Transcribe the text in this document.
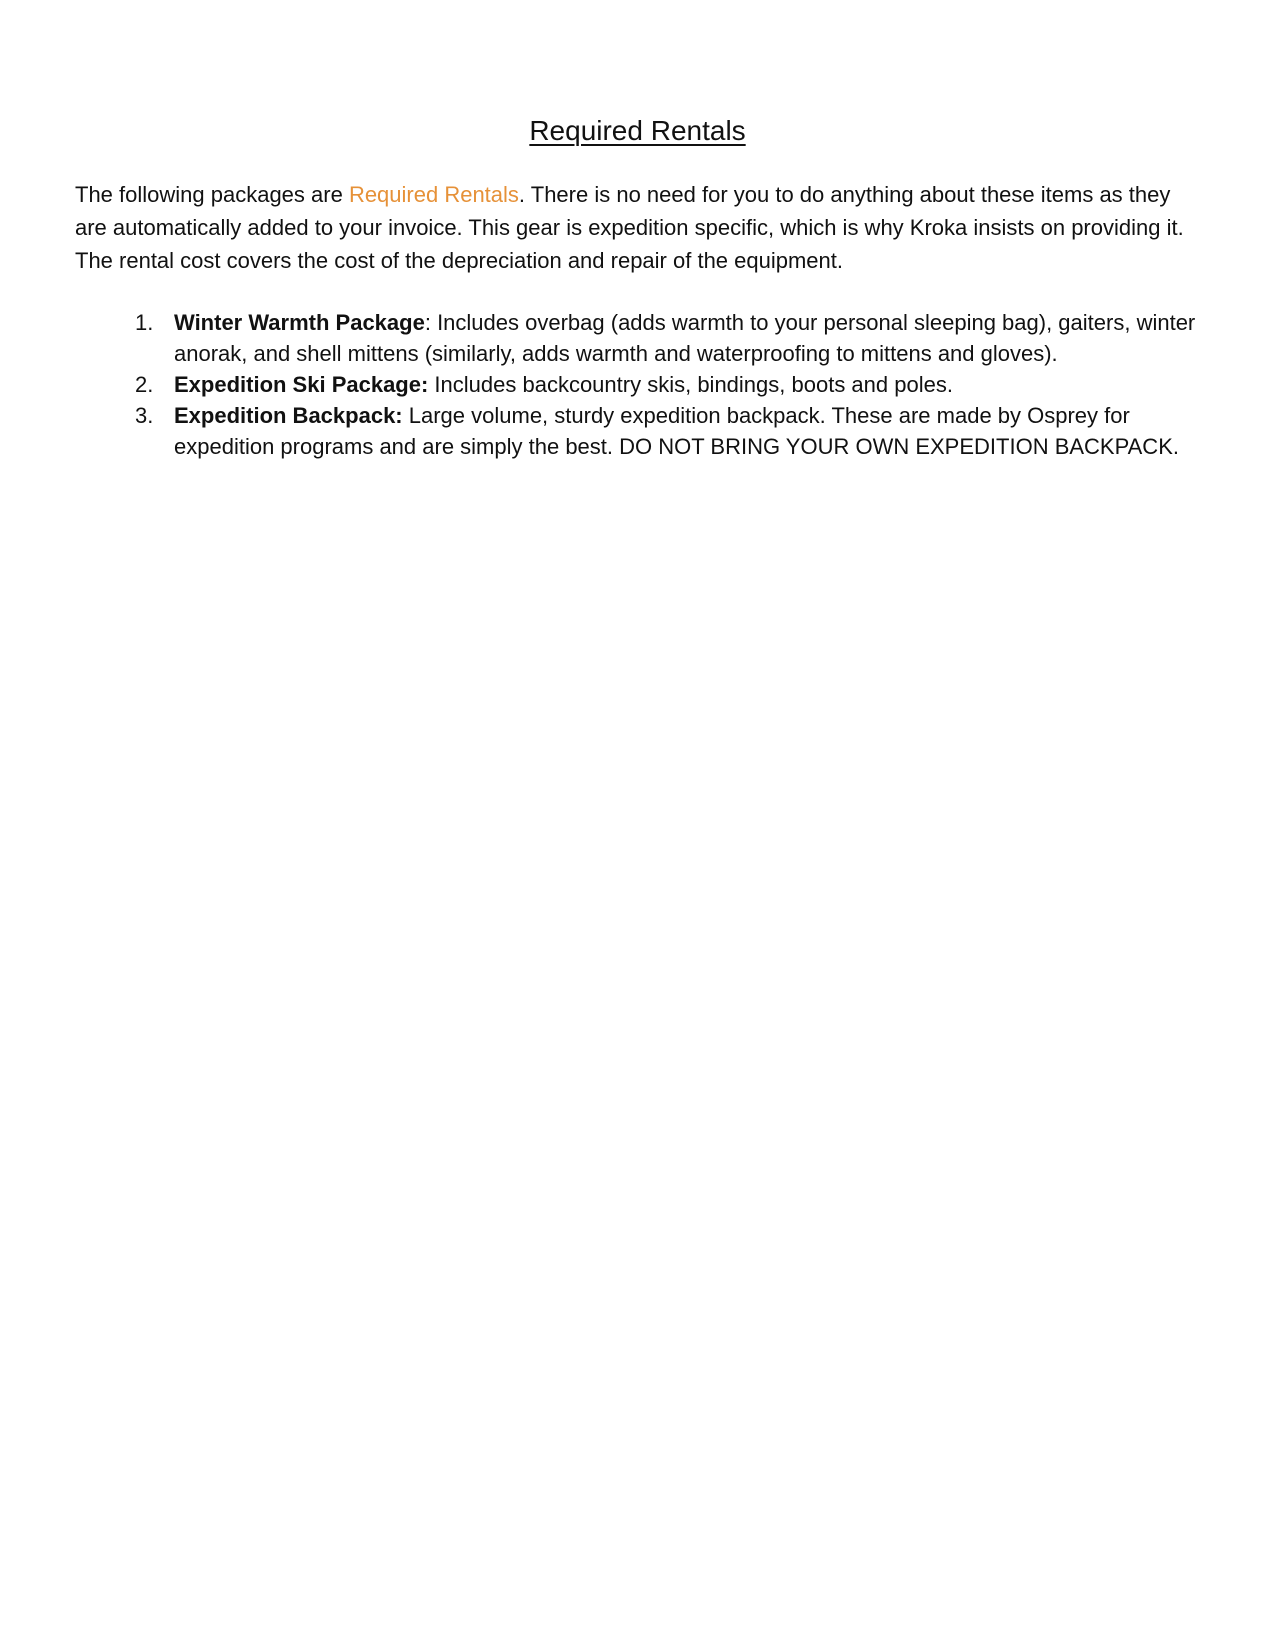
Required Rentals

The following packages are Required Rentals. There is no need for you to do anything about these items as they are automatically added to your invoice. This gear is expedition specific, which is why Kroka insists on providing it. The rental cost covers the cost of the depreciation and repair of the equipment.

1. Winter Warmth Package: Includes overbag (adds warmth to your personal sleeping bag), gaiters, winter anorak, and shell mittens (similarly, adds warmth and waterproofing to mittens and gloves).
2. Expedition Ski Package: Includes backcountry skis, bindings, boots and poles.
3. Expedition Backpack: Large volume, sturdy expedition backpack. These are made by Osprey for expedition programs and are simply the best. DO NOT BRING YOUR OWN EXPEDITION BACKPACK.
